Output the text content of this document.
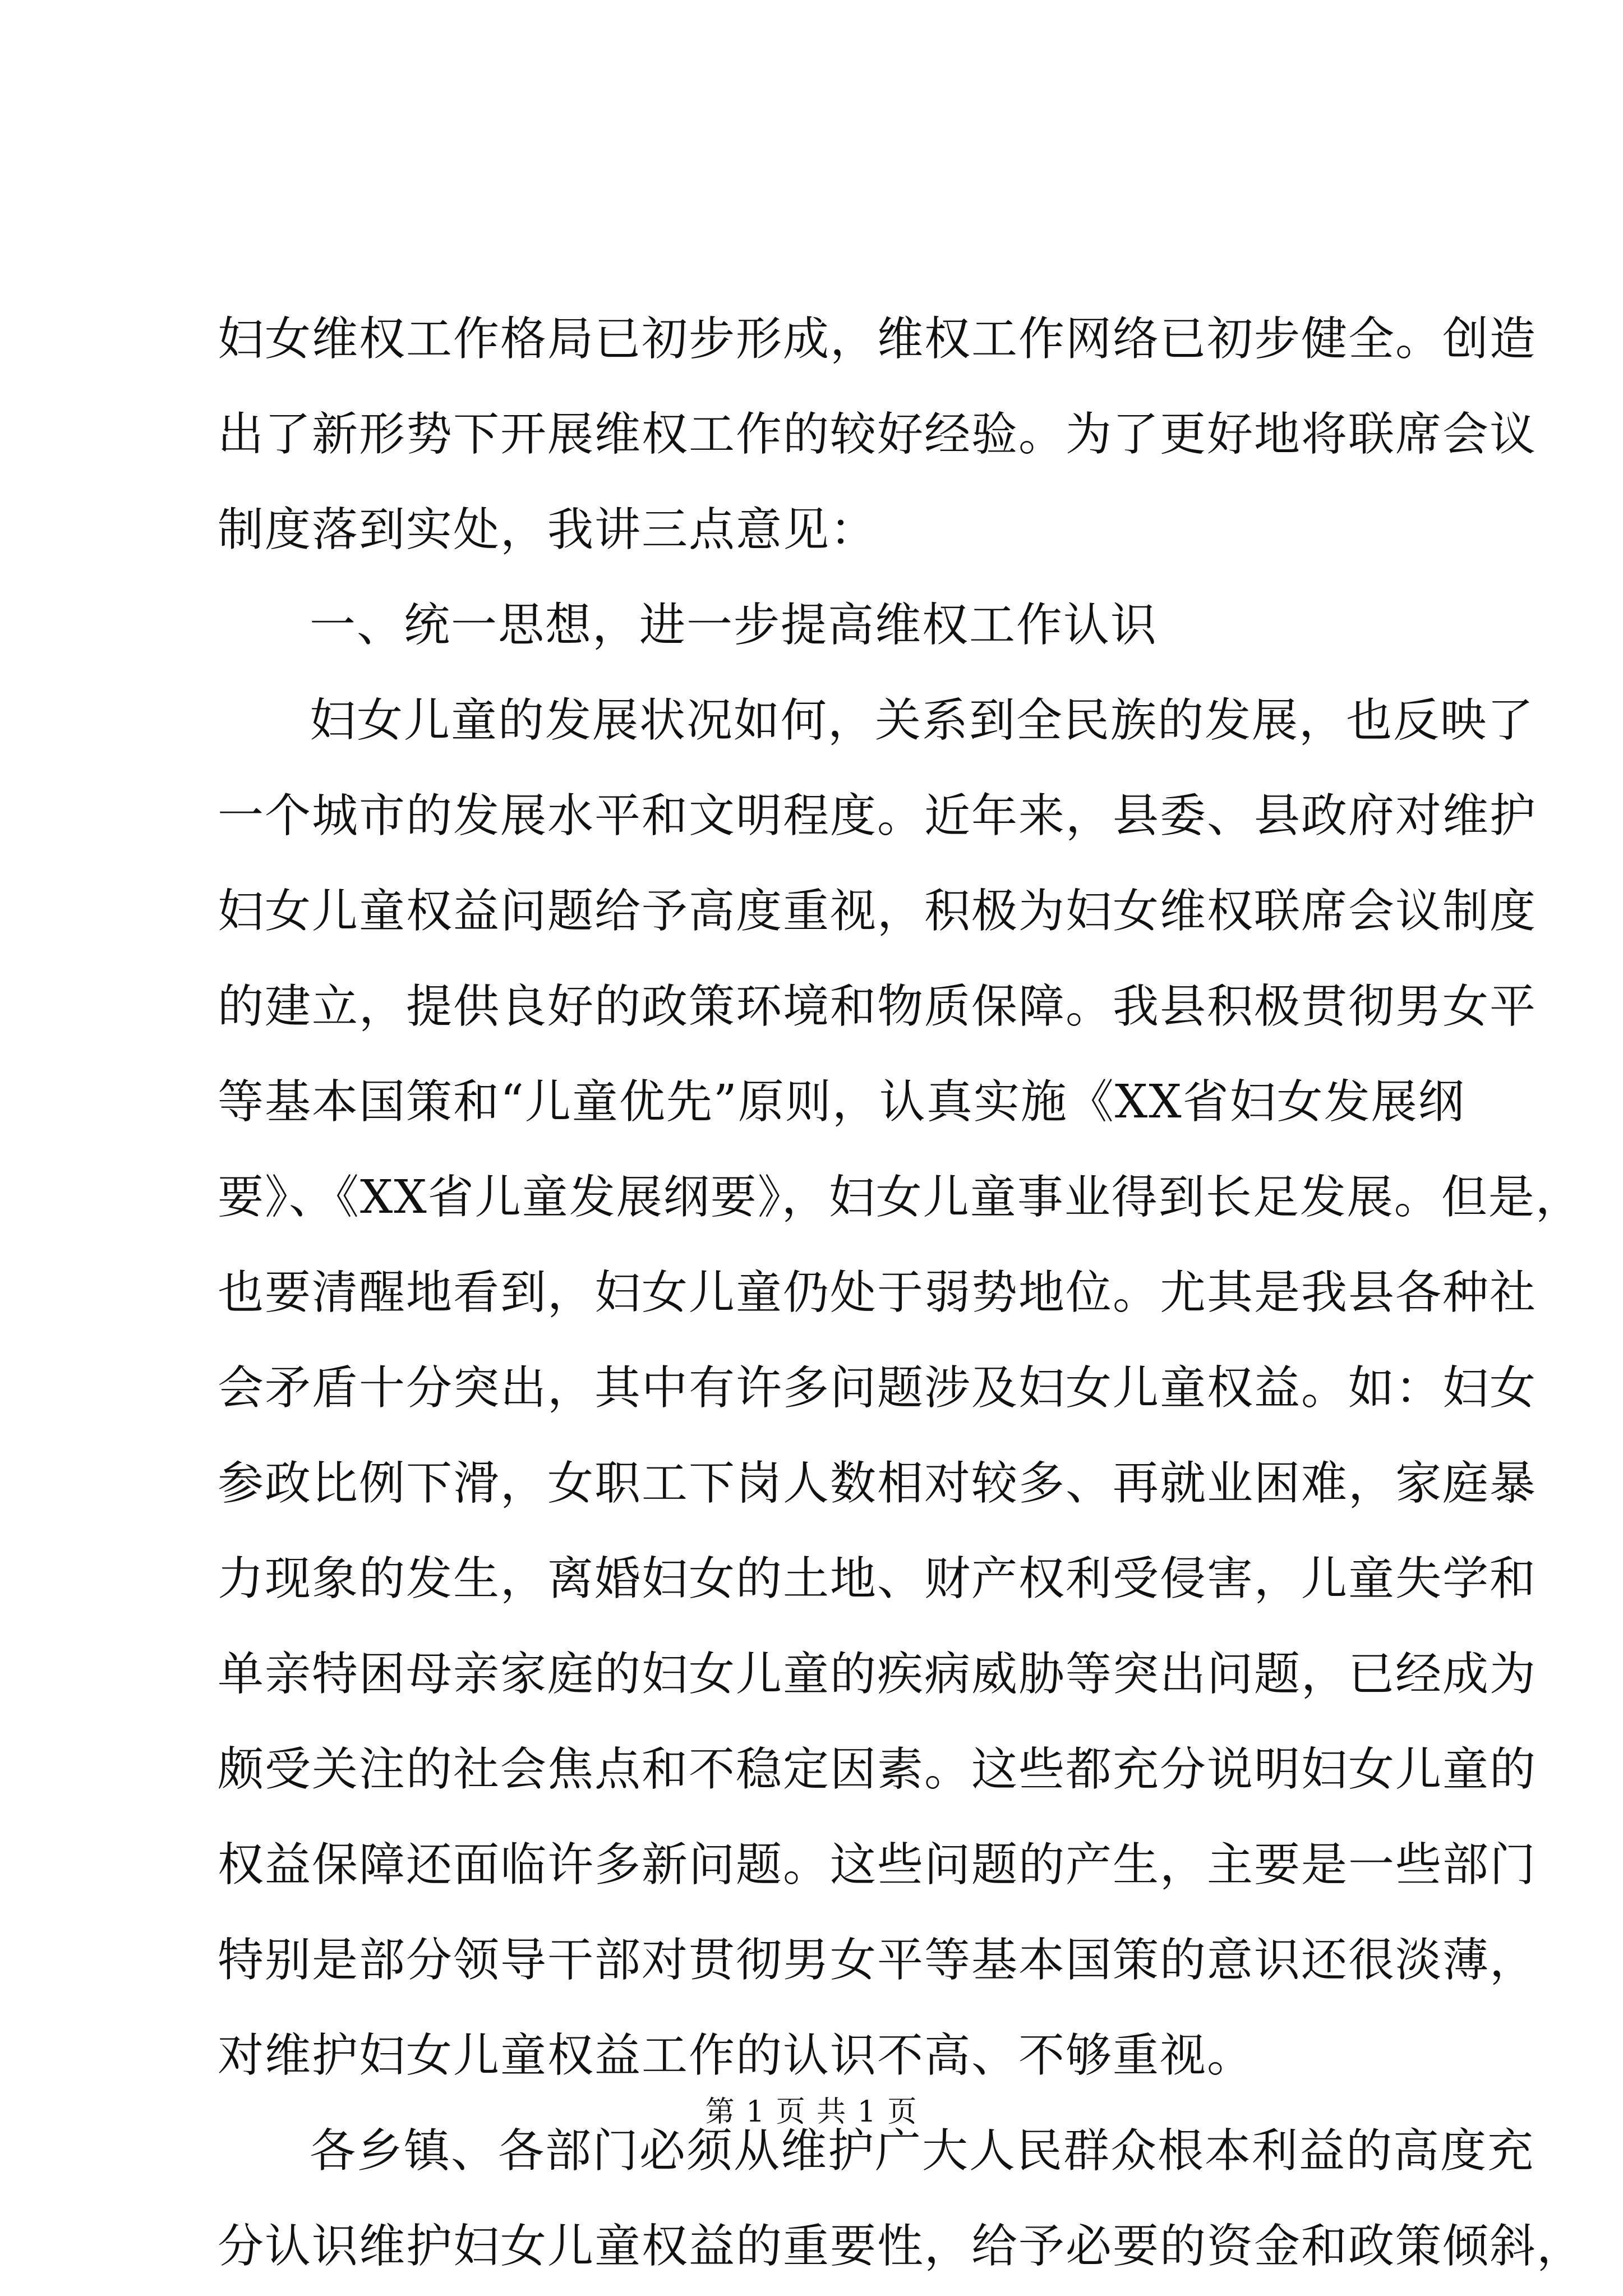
妇女维权工作格局已初步形成，维权工作网络已初步健全。创造
出了新形势下开展维权工作的较好经验。为了更好地将联席会议
制度落到实处，我讲三点意见：
一、统一思想，进一步提高维权工作认识
妇女儿童的发展状况如何，关系到全民族的发展，也反映了
一个城市的发展水平和文明程度。近年来，县委、县政府对维护
妇女儿童权益问题给予高度重视，积极为妇女维权联席会议制度
的建立，提供良好的政策环境和物质保障。我县积极贯彻男女平
等基本国策和“儿童优先”原则，认真实施《XX省妇女发展纲
要》、《XX省儿童发展纲要》，妇女儿童事业得到长足发展。但是，
也要清醒地看到，妇女儿童仍处于弱势地位。尤其是我县各种社
会矛盾十分突出，其中有许多问题涉及妇女儿童权益。如：妇女
参政比例下滑，女职工下岗人数相对较多、再就业困难，家庭暴
力现象的发生，离婚妇女的土地、财产权利受侵害，儿童失学和
单亲特困母亲家庭的妇女儿童的疾病威胁等突出问题，已经成为
颇受关注的社会焦点和不稳定因素。这些都充分说明妇女儿童的
权益保障还面临许多新问题。这些问题的产生，主要是一些部门
特别是部分领导干部对贯彻男女平等基本国策的意识还很淡薄，
对维护妇女儿童权益工作的认识不高、不够重视。
各乡镇、各部门必须从维护广大人民群众根本利益的高度充
分认识维护妇女儿童权益的重要性，给予必要的资金和政策倾斜，
第 1 页 共 1 页
